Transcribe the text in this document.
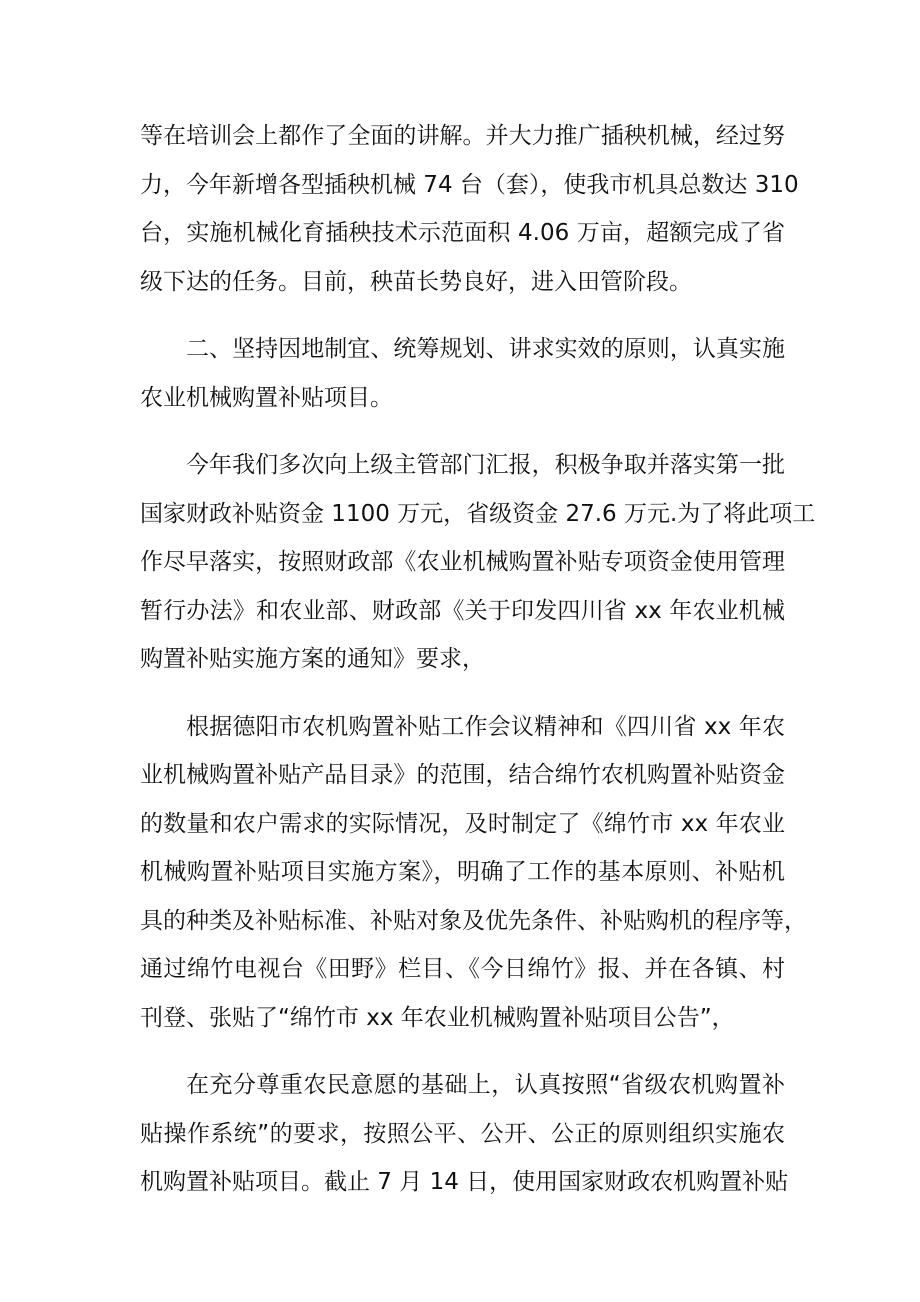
等在培训会上都作了全面的讲解。并大力推广插秧机械，经过努
力，今年新增各型插秧机械 74 台（套），使我市机具总数达 310
台，实施机械化育插秧技术示范面积 4.06 万亩，超额完成了省
级下达的任务。目前，秧苗长势良好，进入田管阶段。
二、坚持因地制宜、统筹规划、讲求实效的原则，认真实施
农业机械购置补贴项目。
今年我们多次向上级主管部门汇报，积极争取并落实第一批
国家财政补贴资金 1100 万元，省级资金 27.6 万元.为了将此项工
作尽早落实，按照财政部《农业机械购置补贴专项资金使用管理
暂行办法》和农业部、财政部《关于印发四川省 xx 年农业机械
购置补贴实施方案的通知》要求，
根据德阳市农机购置补贴工作会议精神和《四川省 xx 年农
业机械购置补贴产品目录》的范围，结合绵竹农机购置补贴资金
的数量和农户需求的实际情况，及时制定了《绵竹市 xx 年农业
机械购置补贴项目实施方案》，明确了工作的基本原则、补贴机
具的种类及补贴标准、补贴对象及优先条件、补贴购机的程序等，
通过绵竹电视台《田野》栏目、《今日绵竹》报、并在各镇、村
刊登、张贴了“绵竹市 xx 年农业机械购置补贴项目公告”，
在充分尊重农民意愿的基础上，认真按照“省级农机购置补
贴操作系统”的要求，按照公平、公开、公正的原则组织实施农
机购置补贴项目。截止 7 月 14 日，使用国家财政农机购置补贴
